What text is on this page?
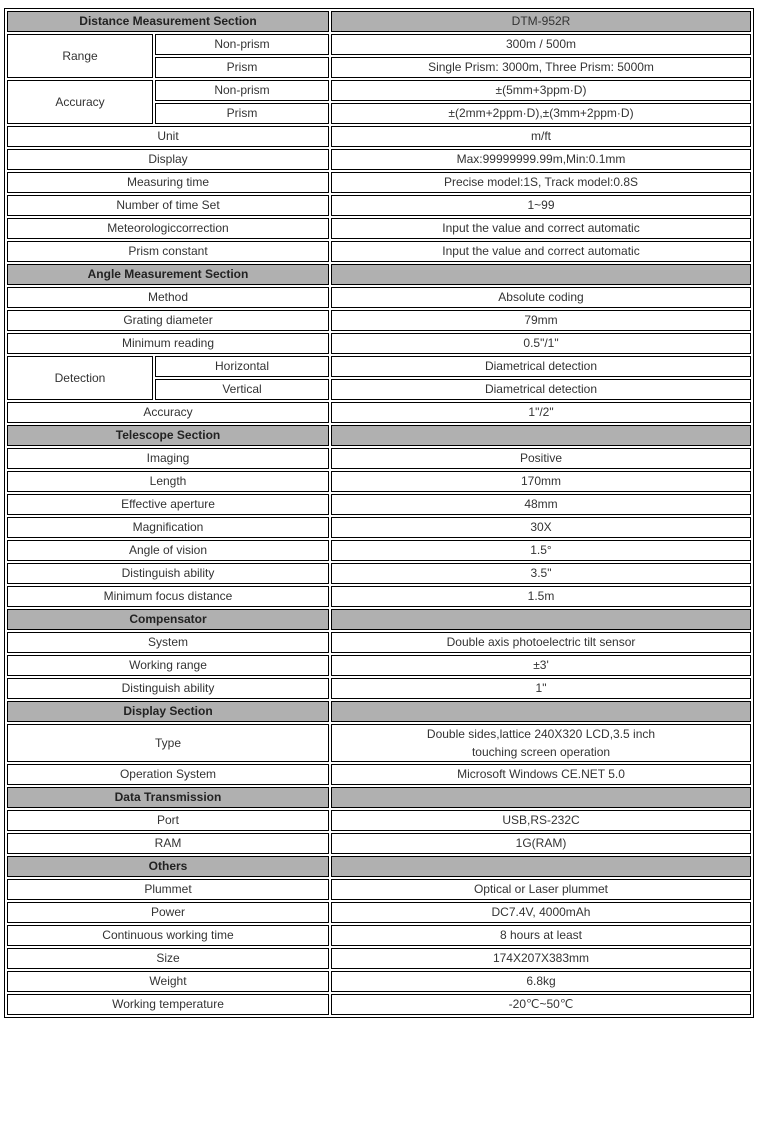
Distance Measurement Section		DTM-952R
Range	Non-prism	300m / 500m
	Prism	Single Prism: 3000m, Three Prism: 5000m
Accuracy	Non-prism	±(5mm+3ppm·D)
	Prism	±(2mm+2ppm·D),±(3mm+2ppm·D)
Unit		m/ft
Display		Max:99999999.99m,Min:0.1mm
Measuring time		Precise model:1S, Track model:0.8S
Number of time Set		1~99
Meteorologiccorrection		Input the value and correct automatic
Prism constant		Input the value and correct automatic
Angle Measurement Section		
Method		Absolute coding
Grating diameter		79mm
Minimum reading		0.5"/1"
Detection	Horizontal	Diametrical detection
	Vertical	Diametrical detection
Accuracy		1"/2"
Telescope Section		
Imaging		Positive
Length		170mm
Effective aperture		48mm
Magnification		30X
Angle of vision		1.5°
Distinguish ability		3.5"
Minimum focus distance		1.5m
Compensator		
System		Double axis photoelectric tilt sensor
Working range		±3'
Distinguish ability		1"
Display Section		
Type		Double sides,lattice 240X320 LCD,3.5 inch
touching screen operation
Operation System		Microsoft Windows CE.NET 5.0
Data Transmission		
Port		USB,RS-232C
RAM		1G(RAM)
Others		
Plummet		Optical or Laser plummet
Power		DC7.4V, 4000mAh
Continuous working time		8 hours at least
Size		174X207X383mm
Weight		6.8kg
Working temperature		-20℃~50℃
